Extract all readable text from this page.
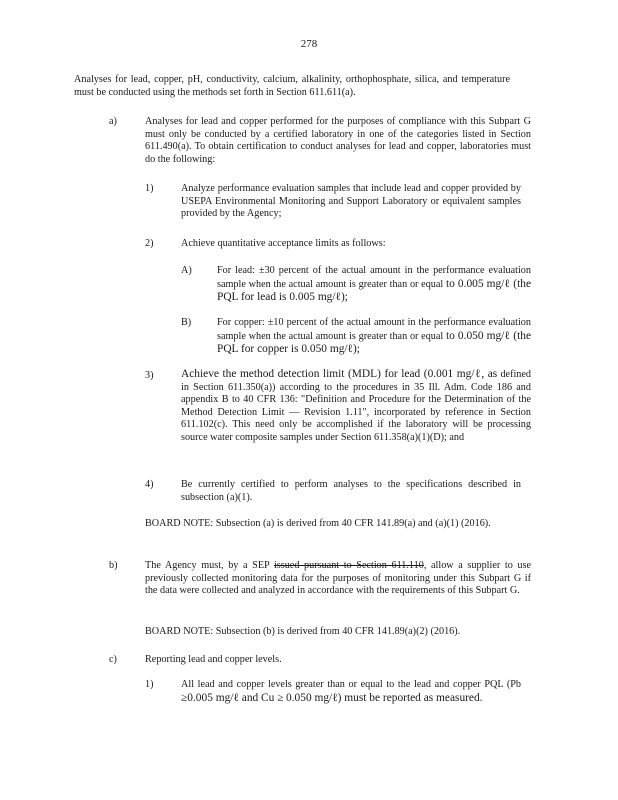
278
Analyses for lead, copper, pH, conductivity, calcium, alkalinity, orthophosphate, silica, and temperature must be conducted using the methods set forth in Section 611.611(a).
a)	Analyses for lead and copper performed for the purposes of compliance with this Subpart G must only be conducted by a certified laboratory in one of the categories listed in Section 611.490(a). To obtain certification to conduct analyses for lead and copper, laboratories must do the following:
1)	Analyze performance evaluation samples that include lead and copper provided by USEPA Environmental Monitoring and Support Laboratory or equivalent samples provided by the Agency;
2)	Achieve quantitative acceptance limits as follows:
A) For lead: ±30 percent of the actual amount in the performance evaluation sample when the actual amount is greater than or equal to 0.005 mg/ℓ (the PQL for lead is 0.005 mg/ℓ);
B)	For copper: ±10 percent of the actual amount in the performance evaluation sample when the actual amount is greater than or equal to 0.050 mg/ℓ (the PQL for copper is 0.050 mg/ℓ);
3) Achieve the method detection limit (MDL) for lead (0.001 mg/ℓ, as defined in Section 611.350(a)) according to the procedures in 35 Ill. Adm. Code 186 and appendix B to 40 CFR 136: "Definition and Procedure for the Determination of the Method Detection Limit — Revision 1.11", incorporated by reference in Section 611.102(c). This need only be accomplished if the laboratory will be processing source water composite samples under Section 611.358(a)(1)(D); and
4)	Be currently certified to perform analyses to the specifications described in subsection (a)(1).
BOARD NOTE: Subsection (a) is derived from 40 CFR 141.89(a) and (a)(1) (2016).
b)	The Agency must, by a SEP issued pursuant to Section 611.110, allow a supplier to use previously collected monitoring data for the purposes of monitoring under this Subpart G if the data were collected and analyzed in accordance with the requirements of this Subpart G.
BOARD NOTE: Subsection (b) is derived from 40 CFR 141.89(a)(2) (2016).
c)	Reporting lead and copper levels.
1)	All lead and copper levels greater than or equal to the lead and copper PQL (Pb ≥0.005 mg/ℓ and Cu ≥ 0.050 mg/ℓ) must be reported as measured.
